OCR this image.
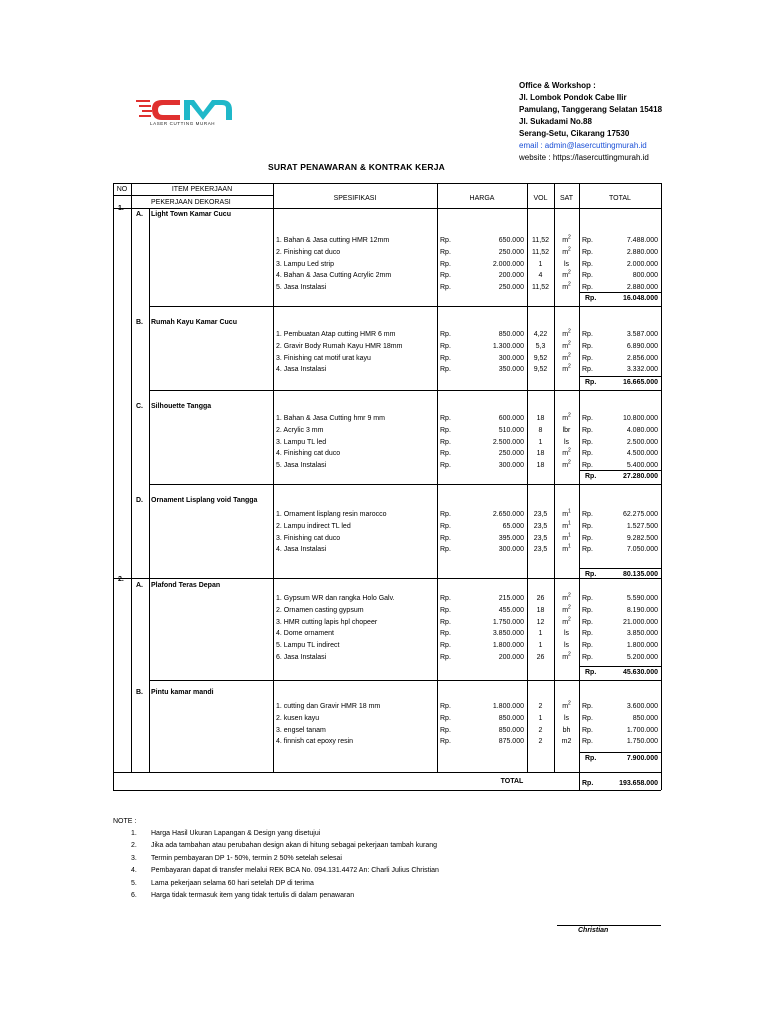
LASER CUTTING MURAH
Office & Workshop :
Jl. Lombok Pondok Cabe Ilir
Pamulang, Tanggerang Selatan 15418
Jl. Sukadami No.88
Serang-Setu, Cikarang 17530
email : admin@lasercuttingmurah.id
website : https://lasercuttingmurah.id
SURAT PENAWARAN & KONTRAK KERJA
NO	ITEM PEKERJAAN
SPESIFIKASI	HARGA	VOL	SAT	TOTAL
PEKERJAAN DEKORASI
1.
A. Light Town Kamar Cucu
1. Bahan & Jasa cutting HMR 12mm	Rp.	650.000	11,52	$m^2$	Rp.	7.488.000
2. Finishing cat duco	Rp.	250.000	11,52	$m^2$	Rp.	2.880.000
3. Lampu Led strip	Rp.	2.000.000	1	ls	Rp.	2.000.000
4. Bahan & Jasa Cutting Acrylic 2mm	Rp.	200.000	4	$m^2$	Rp.	800.000
5. Jasa Instalasi	Rp.	250.000	11,52	$m^2$	Rp.	2.880.000
Rp.	16.048.000
B. Rumah Kayu Kamar Cucu
1. Pembuatan Atap cutting HMR 6 mm	Rp.	850.000	4,22	$m^2$	Rp.	3.587.000
2. Gravir Body Rumah Kayu HMR 18mm	Rp.	1.300.000	5,3	$m^2$	Rp.	6.890.000
3. Finishing cat motif urat kayu	Rp.	300.000	9,52	$m^2$	Rp.	2.856.000
4. Jasa Instalasi	Rp.	350.000	9,52	$m^2$	Rp.	3.332.000
Rp.	16.665.000
C. Silhouette Tangga
1. Bahan & Jasa Cutting hmr 9 mm	Rp.	600.000	18	$m^2$	Rp.	10.800.000
2. Acrylic 3 mm	Rp.	510.000	8	lbr	Rp.	4.080.000
3. Lampu TL led	Rp.	2.500.000	1	ls	Rp.	2.500.000
4. Finishing cat duco	Rp.	250.000	18	$m^2$	Rp.	4.500.000
5. Jasa Instalasi	Rp.	300.000	18	$m^2$	Rp.	5.400.000
Rp.	27.280.000
D. Ornament Lisplang void Tangga
1. Ornament lisplang resin marocco	Rp.	2.650.000	23,5	$m^1$	Rp.	62.275.000
2. Lampu indirect TL led	Rp.	65.000	23,5	$m^1$	Rp.	1.527.500
3. Finishing cat duco	Rp.	395.000	23,5	$m^1$	Rp.	9.282.500
4. Jasa Instalasi	Rp.	300.000	23,5	$m^1$	Rp.	7.050.000
Rp.	80.135.000
2.
A. Plafond Teras Depan
1. Gypsum WR dan rangka Holo Galv.	Rp.	215.000	26	$m^2$	Rp.	5.590.000
2. Ornamen casting gypsum	Rp.	455.000	18	$m^2$	Rp.	8.190.000
3. HMR cutting lapis hpl chopeer	Rp.	1.750.000	12	$m^2$	Rp.	21.000.000
4. Dome ornament	Rp.	3.850.000	1	ls	Rp.	3.850.000
5. Lampu TL indirect	Rp.	1.800.000	1	ls	Rp.	1.800.000
6. Jasa Instalasi	Rp.	200.000	26	$m^2$	Rp.	5.200.000
Rp.	45.630.000
B. Pintu kamar mandi
1. cutting dan Gravir HMR 18 mm	Rp.	1.800.000	2	$m^2$	Rp.	3.600.000
2. kusen kayu	Rp.	850.000	1	ls	Rp.	850.000
3. engsel tanam	Rp.	850.000	2	bh	Rp.	1.700.000
4. finnish cat epoxy resin	Rp.	875.000	2	m2	Rp.	1.750.000
Rp.	7.900.000
TOTAL	Rp.	193.658.000
NOTE :
1. Harga Hasil Ukuran Lapangan & Design yang disetujui
2. Jika ada tambahan atau perubahan design akan di hitung sebagai pekerjaan tambah kurang
3. Termin pembayaran DP 1- 50%, termin 2 50% setelah selesai
4. Pembayaran dapat di transfer melalui REK BCA No. 094.131.4472 An: Charli Julius Christian
5. Lama pekerjaan selama 60 hari setelah DP di terima
6. Harga tidak termasuk item yang tidak tertulis di dalam penawaran
Christian
